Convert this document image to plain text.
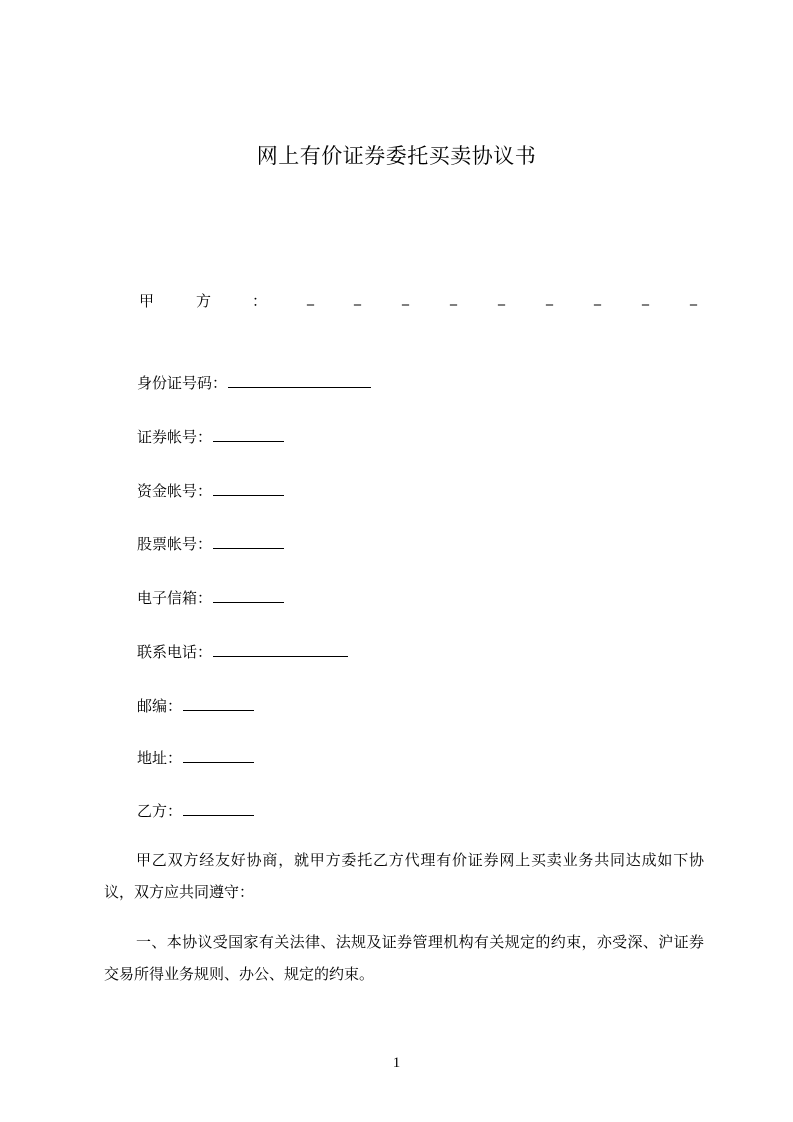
网上有价证券委托买卖协议书
甲	方	：	_	_	_	_	_	_	_	_	_
身份证号码：
证券帐号：
资金帐号：
股票帐号：
电子信箱：
联系电话：
邮编：
地址：
乙方：
甲乙双方经友好协商，就甲方委托乙方代理有价证券网上买卖业务共同达成如下协议，双方应共同遵守：
一、本协议受国家有关法律、法规及证券管理机构有关规定的约束，亦受深、沪证券交易所得业务规则、办公、规定的约束。
1
